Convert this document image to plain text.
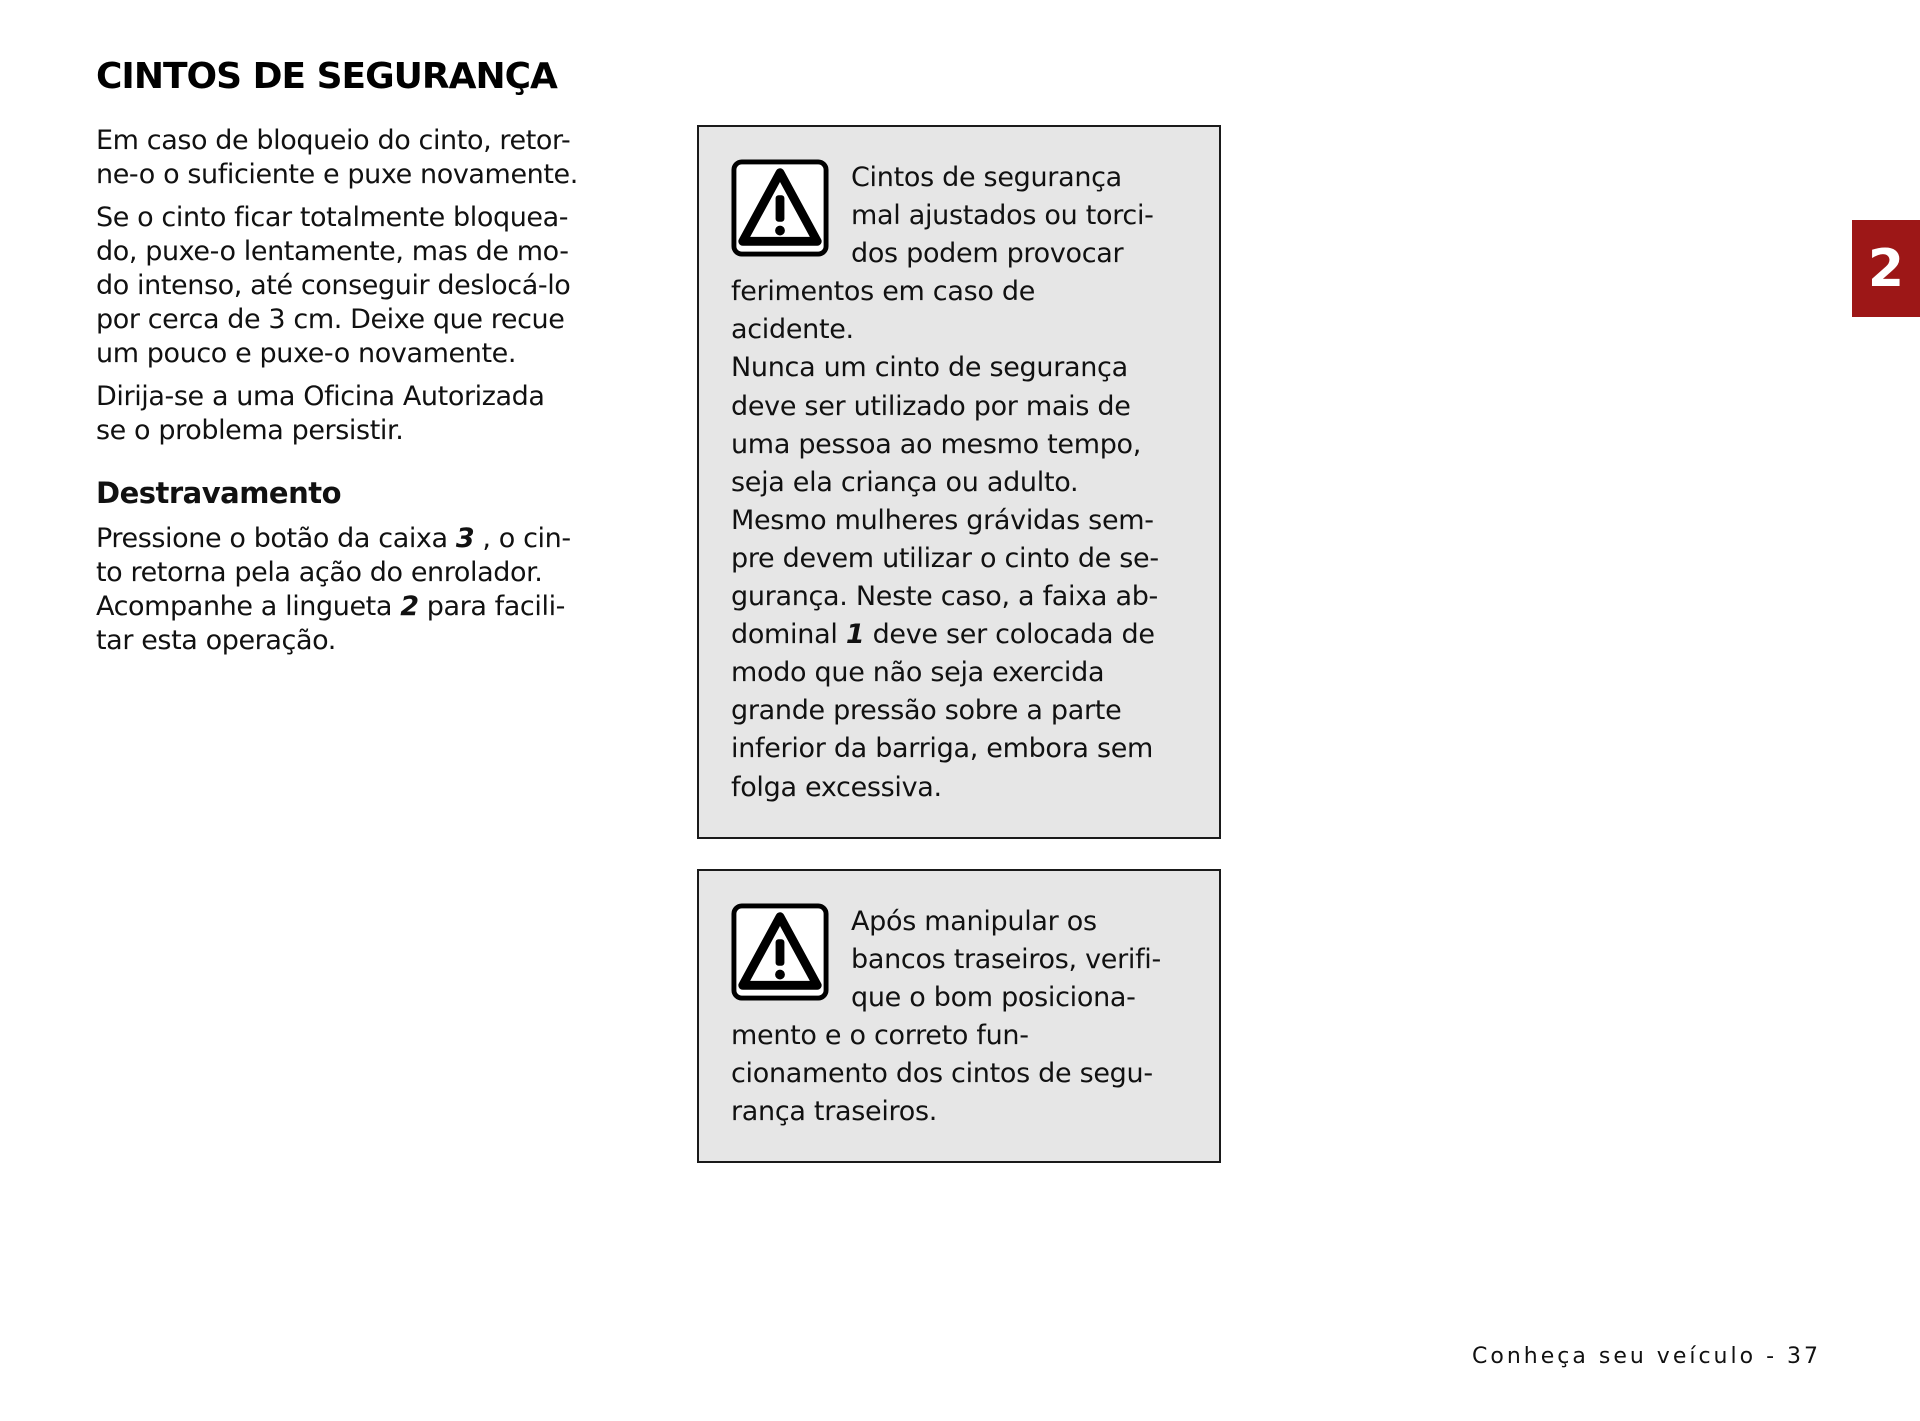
CINTOS DE SEGURANÇA

Em caso de bloqueio do cinto, retor-
ne-o o suficiente e puxe novamente.

Se o cinto ficar totalmente bloquea-
do, puxe-o lentamente, mas de mo-
do intenso, até conseguir deslocá-lo
por cerca de 3 cm. Deixe que recue
um pouco e puxe-o novamente.

Dirija-se a uma Oficina Autorizada
se o problema persistir.

Destravamento

Pressione o botão da caixa 3 , o cin-
to retorna pela ação do enrolador.
Acompanhe a lingueta 2 para facili-
tar esta operação.

Cintos de segurança
mal ajustados ou torci-
dos podem provocar
ferimentos em caso de
acidente.
Nunca um cinto de segurança
deve ser utilizado por mais de
uma pessoa ao mesmo tempo,
seja ela criança ou adulto.
Mesmo mulheres grávidas sem-
pre devem utilizar o cinto de se-
gurança. Neste caso, a faixa ab-
dominal 1 deve ser colocada de
modo que não seja exercida
grande pressão sobre a parte
inferior da barriga, embora sem
folga excessiva.

Após manipular os
bancos traseiros, verifi-
que o bom posiciona-
mento e o correto fun-
cionamento dos cintos de segu-
rança traseiros.

2
Conheça seu veículo - 37
